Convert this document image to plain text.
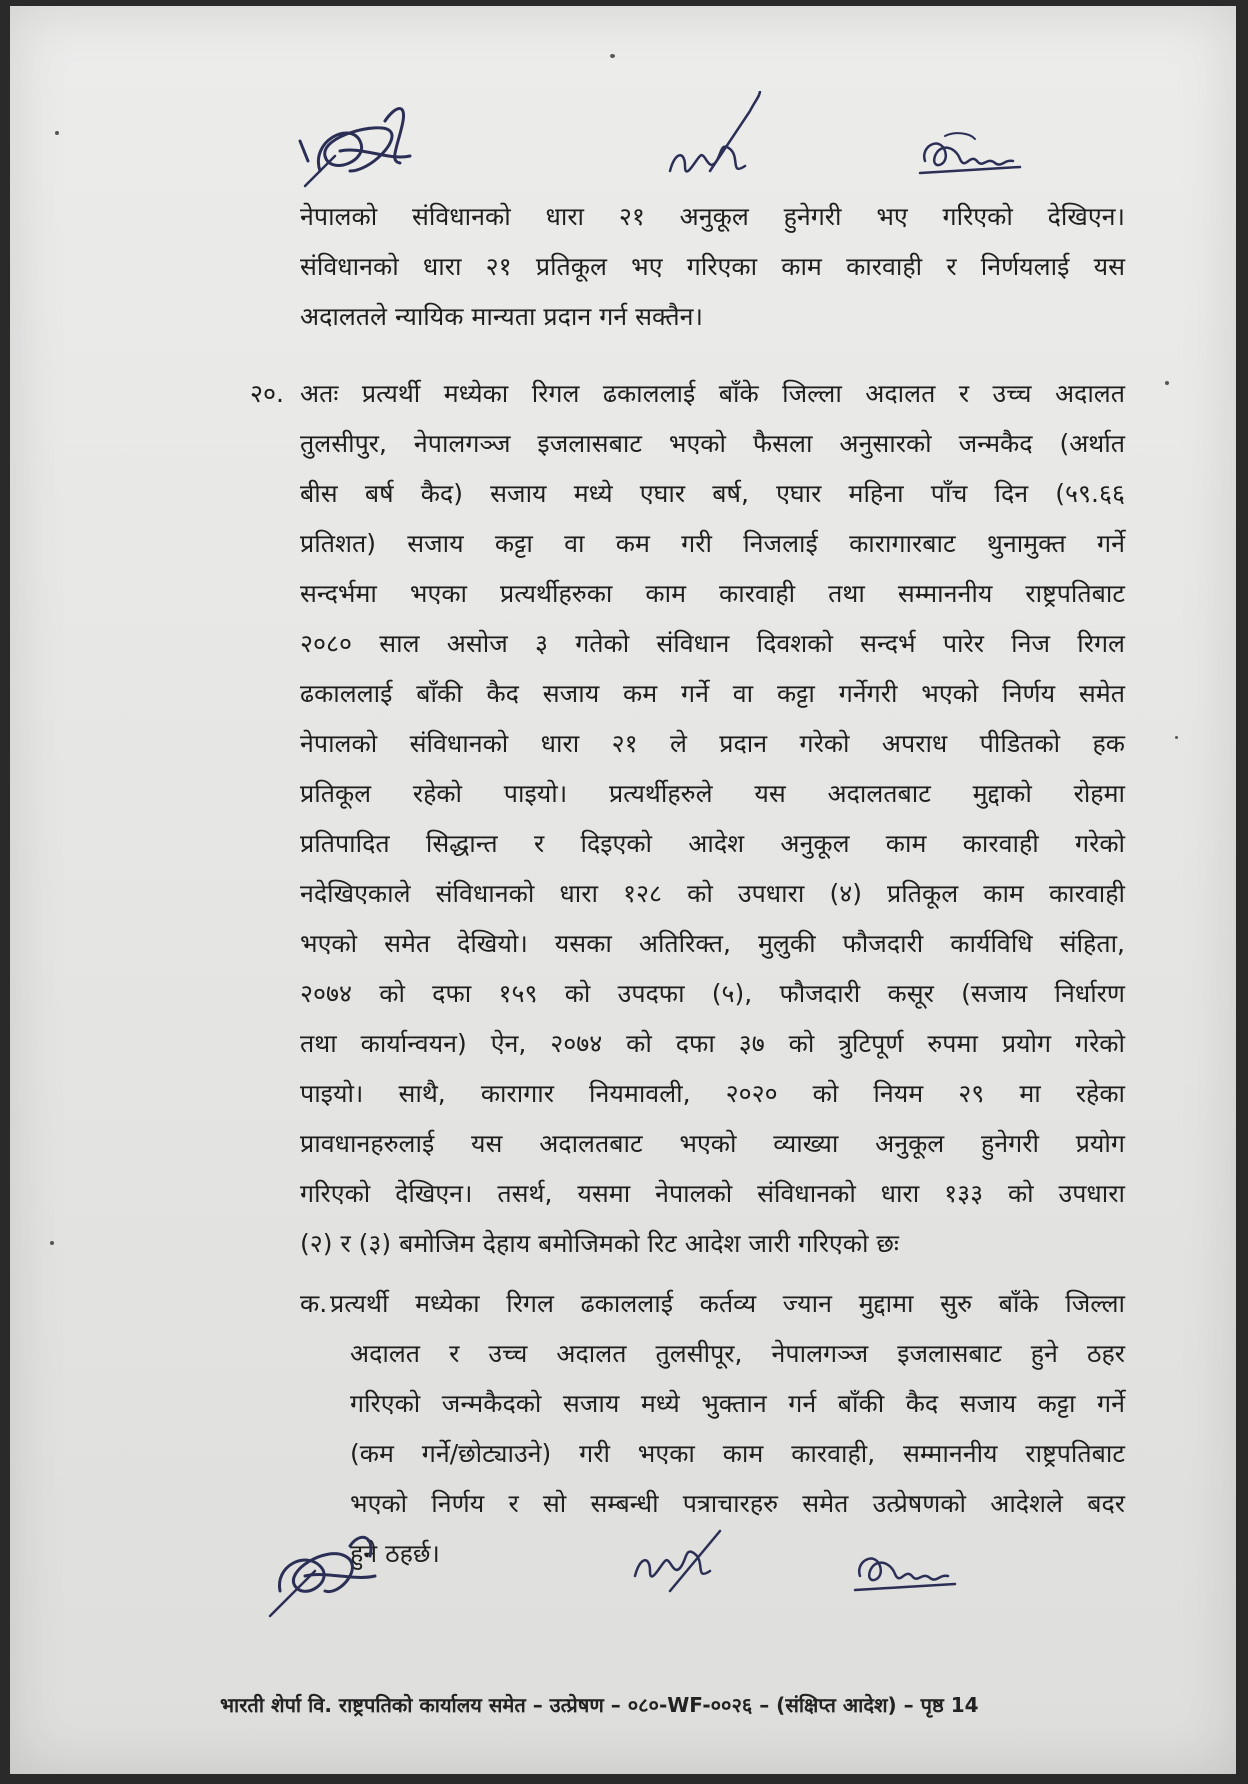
नेपालको संविधानको धारा २१ अनुकूल हुनेगरी भए गरिएको देखिएन।
संविधानको धारा २१ प्रतिकूल भए गरिएका काम कारवाही र निर्णयलाई यस
अदालतले न्यायिक मान्यता प्रदान गर्न सक्तैन।
२०. अतः प्रत्यर्थी मध्येका रिगल ढकाललाई बाँके जिल्ला अदालत र उच्च अदालत
तुलसीपुर, नेपालगञ्ज इजलासबाट भएको फैसला अनुसारको जन्मकैद (अर्थात
बीस बर्ष कैद) सजाय मध्ये एघार बर्ष, एघार महिना पाँच दिन (५९.६६
प्रतिशत) सजाय कट्टा वा कम गरी निजलाई कारागारबाट थुनामुक्त गर्ने
सन्दर्भमा भएका प्रत्यर्थीहरुका काम कारवाही तथा सम्माननीय राष्ट्रपतिबाट
२०८० साल असोज ३ गतेको संविधान दिवशको सन्दर्भ पारेर निज रिगल
ढकाललाई बाँकी कैद सजाय कम गर्ने वा कट्टा गर्नेगरी भएको निर्णय समेत
नेपालको संविधानको धारा २१ ले प्रदान गरेको अपराध पीडितको हक
प्रतिकूल रहेको पाइयो। प्रत्यर्थीहरुले यस अदालतबाट मुद्दाको रोहमा
प्रतिपादित सिद्धान्त र दिइएको आदेश अनुकूल काम कारवाही गरेको
नदेखिएकाले संविधानको धारा १२८ को उपधारा (४) प्रतिकूल काम कारवाही
भएको समेत देखियो। यसका अतिरिक्त, मुलुकी फौजदारी कार्यविधि संहिता,
२०७४ को दफा १५९ को उपदफा (५), फौजदारी कसूर (सजाय निर्धारण
तथा कार्यान्वयन) ऐन, २०७४ को दफा ३७ को त्रुटिपूर्ण रुपमा प्रयोग गरेको
पाइयो। साथै, कारागार नियमावली, २०२० को नियम २९ मा रहेका
प्रावधानहरुलाई यस अदालतबाट भएको व्याख्या अनुकूल हुनेगरी प्रयोग
गरिएको देखिएन। तसर्थ, यसमा नेपालको संविधानको धारा १३३ को उपधारा
(२) र (३) बमोजिम देहाय बमोजिमको रिट आदेश जारी गरिएको छः
क. प्रत्यर्थी मध्येका रिगल ढकाललाई कर्तव्य ज्यान मुद्दामा सुरु बाँके जिल्ला
अदालत र उच्च अदालत तुलसीपूर, नेपालगञ्ज इजलासबाट हुने ठहर
गरिएको जन्मकैदको सजाय मध्ये भुक्तान गर्न बाँकी कैद सजाय कट्टा गर्ने
(कम गर्ने/छोट्याउने) गरी भएका काम कारवाही, सम्माननीय राष्ट्रपतिबाट
भएको निर्णय र सो सम्बन्धी पत्राचारहरु समेत उत्प्रेषणको आदेशले बदर
हुने ठहर्छ।
भारती शेर्पा वि. राष्ट्रपतिको कार्यालय समेत – उत्प्रेषण – ०८०-WF-००२६ – (संक्षिप्त आदेश) – पृष्ठ 14
